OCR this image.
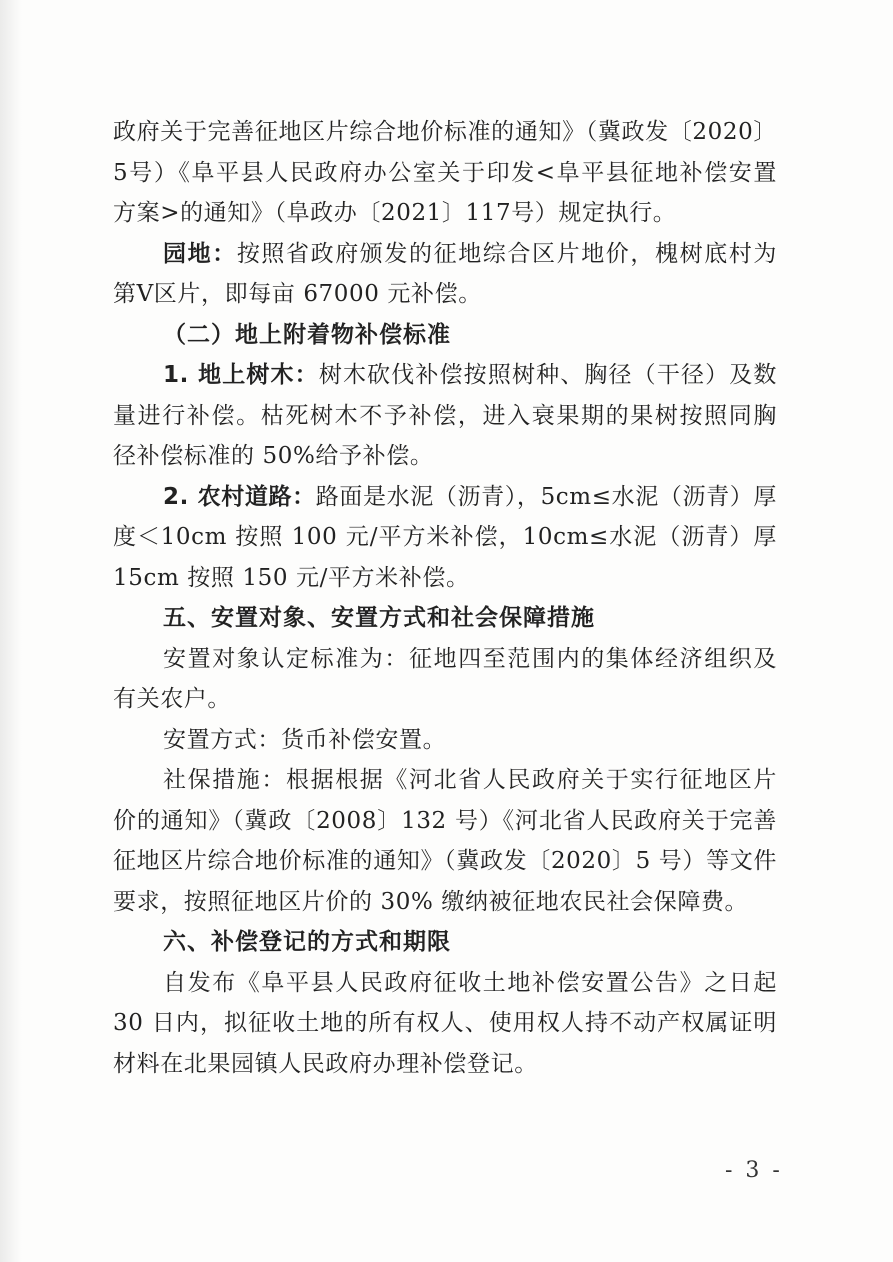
政府关于完善征地区片综合地价标准的通知》（冀政发〔2020〕
5号）《阜平县人民政府办公室关于印发<阜平县征地补偿安置
方案>的通知》（阜政办〔2021〕117号）规定执行。
园地：按照省政府颁发的征地综合区片地价，槐树底村为
第Ⅴ区片，即每亩 67000 元补偿。
（二）地上附着物补偿标准
1. 地上树木：树木砍伐补偿按照树种、胸径（干径）及数
量进行补偿。枯死树木不予补偿，进入衰果期的果树按照同胸
径补偿标准的 50%给予补偿。
2. 农村道路：路面是水泥（沥青），5cm≤水泥（沥青）厚
度＜10cm 按照 100 元/平方米补偿，10cm≤水泥（沥青）厚
15cm 按照 150 元/平方米补偿。
五、安置对象、安置方式和社会保障措施
安置对象认定标准为：征地四至范围内的集体经济组织及
有关农户。
安置方式：货币补偿安置。
社保措施：根据根据《河北省人民政府关于实行征地区片
价的通知》（冀政〔2008〕132 号）《河北省人民政府关于完善
征地区片综合地价标准的通知》（冀政发〔2020〕5 号）等文件
要求，按照征地区片价的 30% 缴纳被征地农民社会保障费。
六、补偿登记的方式和期限
自发布《阜平县人民政府征收土地补偿安置公告》之日起
30 日内，拟征收土地的所有权人、使用权人持不动产权属证明
材料在北果园镇人民政府办理补偿登记。
- 3 -
